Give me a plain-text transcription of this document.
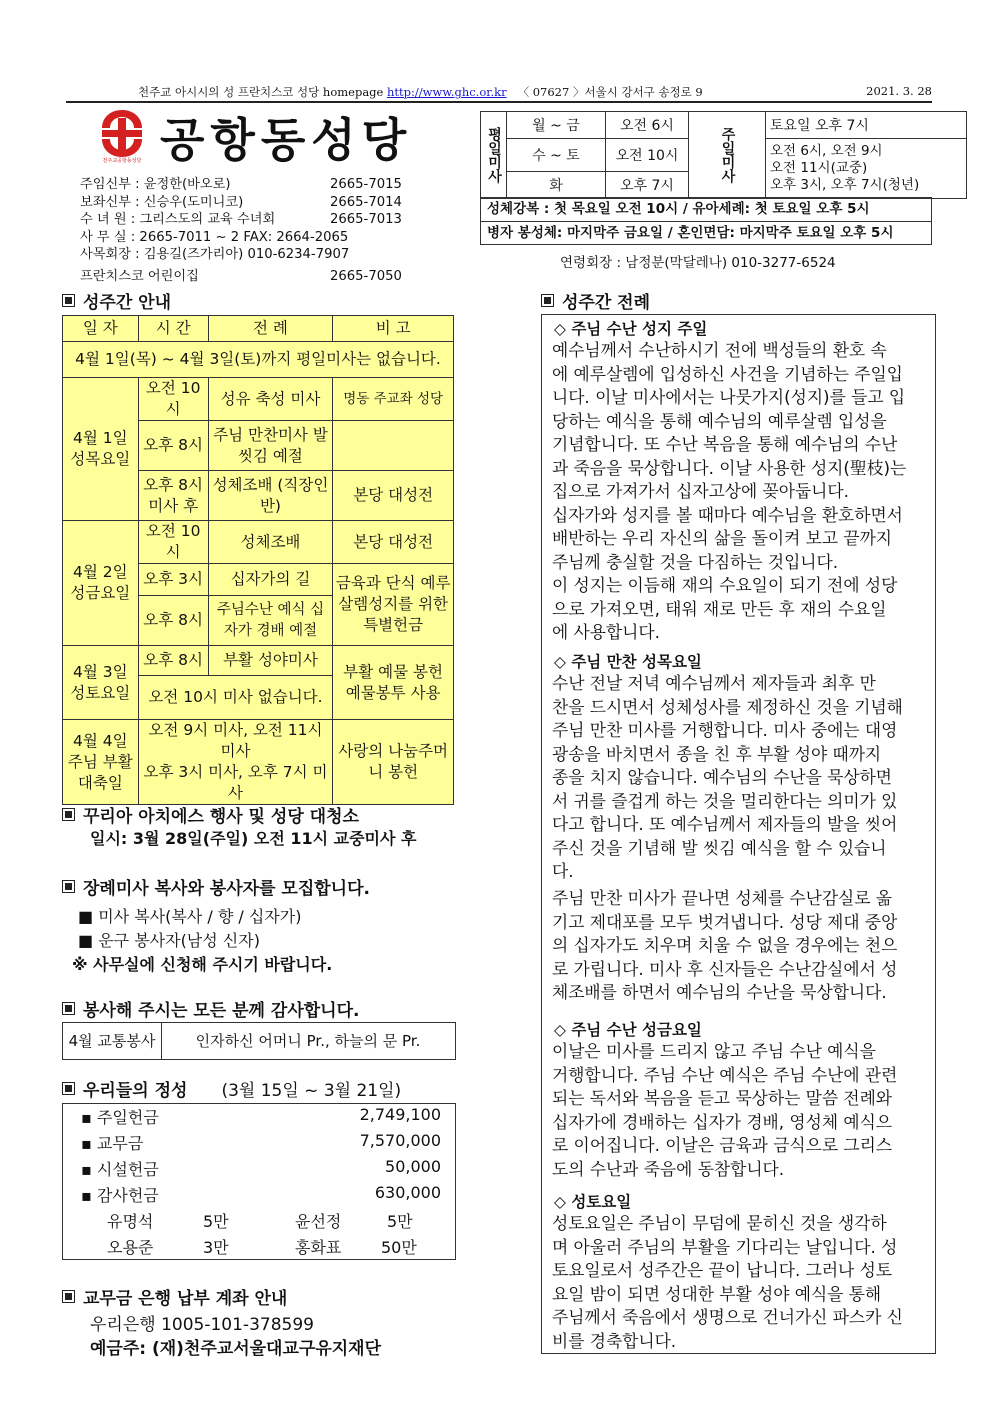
천주교 아시시의 성 프란치스코 성당 homepage http://www.ghc.or.kr 〈 07627 〉서울시 강서구 송정로 9	2021. 3. 28
천주교공항동성당 공항동성당
주임신부 : 윤정한(바오로)	2665-7015
보좌신부 : 신승우(도미니코)	2665-7014
수 녀 원 : 그리스도의 교육 수녀회	2665-7013
사 무 실 : 2665-7011 ~ 2 FAX: 2664-2065
사목회장 : 김용길(즈가리아) 010-6234-7907
프란치스코 어린이집	2665-7050
평일미사	월 ~ 금	오전 6시	주일미사	토요일 오후 7시
	수 ~ 토	오전 10시		오전 6시, 오전 9시
오전 11시(교중)
오후 3시, 오후 7시(청년)

	화	오후 7시		
성체강복 : 첫 목요일 오전 10시 / 유아세례: 첫 토요일 오후 5시
병자 봉성체: 마지막주 금요일 / 혼인면담: 마지막주 토요일 오후 5시
연령회장 : 남정분(막달레나) 010-3277-6524
성주간 안내
일 자	시 간	전 례	비 고
4월 1일(목) ~ 4월 3일(토)까지 평일미사는 없습니다.			
4월 1일 성목요일	오전 10시	성유 축성 미사	명동 주교좌 성당
	오후 8시	주님 만찬미사 발 씻김 예절	
	오후 8시 미사 후	성체조배 (직장인반)	본당 대성전
4월 2일 성금요일	오전 10시	성체조배	본당 대성전
	오후 3시	십자가의 길	금육과 단식 예루살렘성지를 위한 특별헌금
	오후 8시	주님수난 예식 십자가 경배 예절	
4월 3일 성토요일	오후 8시	부활 성야미사	부활 예물 봉헌 예물봉투 사용
	오전 10시 미사 없습니다.		
4월 4일 주님 부활 대축일	오전 9시 미사, 오전 11시 미사
오후 3시 미사, 오후 7시 미사		사랑의 나눔주머니 봉헌
꾸리아 아치에스 행사 및 성당 대청소
일시: 3월 28일(주일) 오전 11시 교중미사 후
장례미사 복사와 봉사자를 모집합니다.
■ 미사 복사(복사 / 향 / 십자가)
■ 운구 봉사자(남성 신자)
※ 사무실에 신청해 주시기 바랍니다.
봉사해 주시는 모든 분께 감사합니다.
4월 교통봉사	인자하신 어머니 Pr., 하늘의 문 Pr.
우리들의 정성 (3월 15일 ~ 3월 21일)
▪ 주일헌금	2,749,100
▪ 교무금	7,570,000
▪ 시설헌금	50,000
▪ 감사헌금	630,000
유명석	5만	윤선정	5만
오용준	3만	홍화표 50만
교무금 은행 납부 계좌 안내
우리은행 1005-101-378599
예금주: (재)천주교서울대교구유지재단
성주간 전례
◇ 주님 수난 성지 주일
예수님께서 수난하시기 전에 백성들의 환호 속
에 예루살렘에 입성하신 사건을 기념하는 주일입
니다. 이날 미사에서는 나뭇가지(성지)를 들고 입
당하는 예식을 통해 예수님의 예루살렘 입성을
기념합니다. 또 수난 복음을 통해 예수님의 수난
과 죽음을 묵상합니다. 이날 사용한 성지(聖枝)는
집으로 가져가서 십자고상에 꽂아둡니다.
십자가와 성지를 볼 때마다 예수님을 환호하면서
배반하는 우리 자신의 삶을 돌이켜 보고 끝까지
주님께 충실할 것을 다짐하는 것입니다.
이 성지는 이듬해 재의 수요일이 되기 전에 성당
으로 가져오면, 태워 재로 만든 후 재의 수요일
에 사용합니다.
◇ 주님 만찬 성목요일
수난 전날 저녁 예수님께서 제자들과 최후 만
찬을 드시면서 성체성사를 제정하신 것을 기념해
주님 만찬 미사를 거행합니다. 미사 중에는 대영
광송을 바치면서 종을 친 후 부활 성야 때까지
종을 치지 않습니다. 예수님의 수난을 묵상하면
서 귀를 즐겁게 하는 것을 멀리한다는 의미가 있
다고 합니다. 또 예수님께서 제자들의 발을 씻어
주신 것을 기념해 발 씻김 예식을 할 수 있습니
다.
주님 만찬 미사가 끝나면 성체를 수난감실로 옮
기고 제대포를 모두 벗겨냅니다. 성당 제대 중앙
의 십자가도 치우며 치울 수 없을 경우에는 천으
로 가립니다. 미사 후 신자들은 수난감실에서 성
체조배를 하면서 예수님의 수난을 묵상합니다.
◇ 주님 수난 성금요일
이날은 미사를 드리지 않고 주님 수난 예식을
거행합니다. 주님 수난 예식은 주님 수난에 관련
되는 독서와 복음을 듣고 묵상하는 말씀 전례와
십자가에 경배하는 십자가 경배, 영성체 예식으
로 이어집니다. 이날은 금육과 금식으로 그리스
도의 수난과 죽음에 동참합니다.
◇ 성토요일
성토요일은 주님이 무덤에 묻히신 것을 생각하
며 아울러 주님의 부활을 기다리는 날입니다. 성
토요일로서 성주간은 끝이 납니다. 그러나 성토
요일 밤이 되면 성대한 부활 성야 예식을 통해
주님께서 죽음에서 생명으로 건너가신 파스카 신
비를 경축합니다.
